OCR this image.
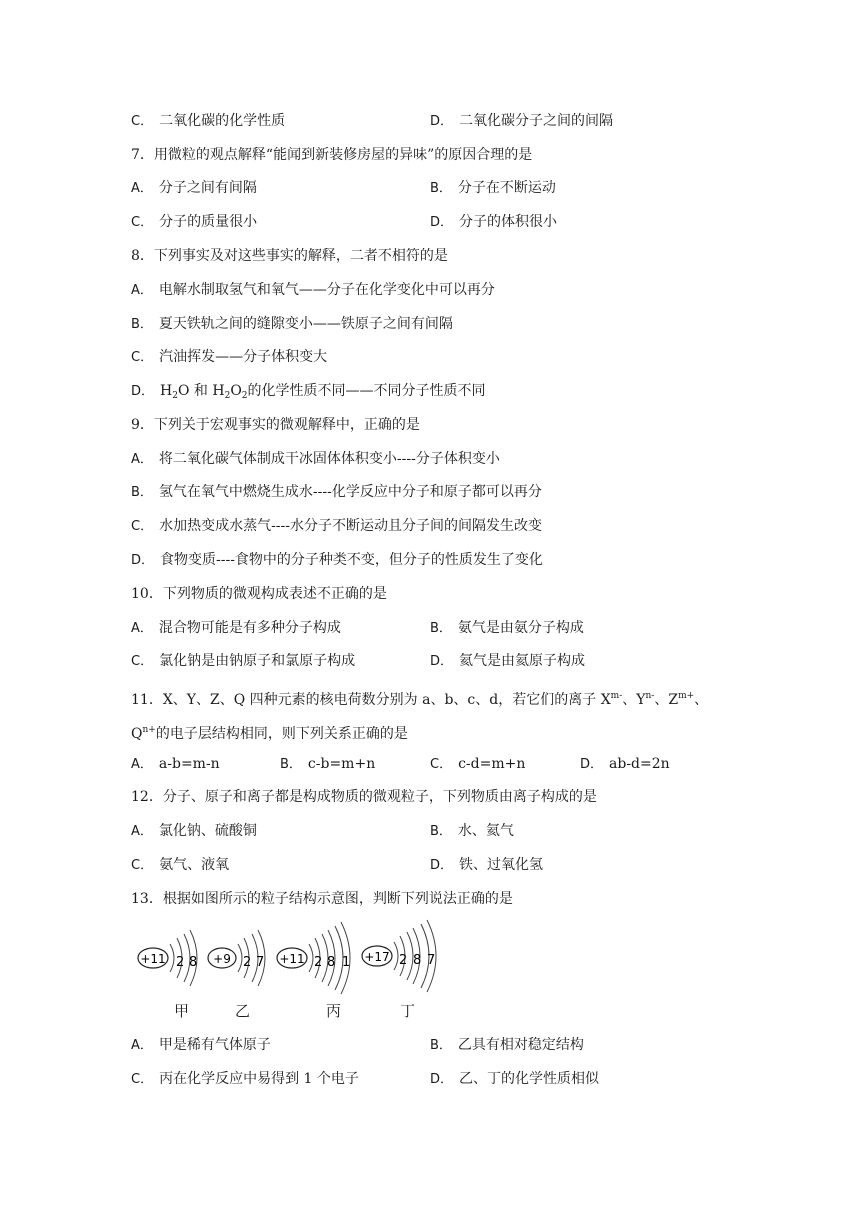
C． 二氧化碳的化学性质	D． 二氧化碳分子之间的间隔
7．用微粒的观点解释“能闻到新装修房屋的异味”的原因合理的是
A． 分子之间有间隔	B． 分子在不断运动
C． 分子的质量很小	D． 分子的体积很小
8．下列事实及对这些事实的解释，二者不相符的是
A． 电解水制取氢气和氧气——分子在化学变化中可以再分
B． 夏天铁轨之间的缝隙变小——铁原子之间有间隔
C． 汽油挥发——分子体积变大
D． $H_2O$ 和 $H_2O_2$的化学性质不同——不同分子性质不同
9．下列关于宏观事实的微观解释中，正确的是
A． 将二氧化碳气体制成干冰固体体积变小----分子体积变小
B． 氢气在氧气中燃烧生成水----化学反应中分子和原子都可以再分
C． 水加热变成水蒸气----水分子不断运动且分子间的间隔发生改变
D． 食物变质----食物中的分子种类不变，但分子的性质发生了变化
10．下列物质的微观构成表述不正确的是
A． 混合物可能是有多种分子构成	B． 氨气是由氨分子构成
C． 氯化钠是由钠原子和氯原子构成	D． 氦气是由氦原子构成
11．X、Y、Z、Q 四种元素的核电荷数分别为 a、b、c、d，若它们的离子 $X^{m-}$、$Y^{n-}$、$Z^{m+}$、
$Q^{n+}$的电子层结构相同，则下列关系正确的是
A． a-b=m-n	B． c-b=m+n	C． c-d=m+n	D． ab-d=2n
12．分子、原子和离子都是构成物质的微观粒子，下列物质由离子构成的是
A． 氯化钠、硫酸铜	B． 水、氦气
C． 氨气、液氧	D． 铁、过氧化氢
13．根据如图所示的粒子结构示意图，判断下列说法正确的是
+11 2 8 +9 2 7 +11 2 8 1 +17 2 8 7
甲	乙	丙	丁
A． 甲是稀有气体原子	B． 乙具有相对稳定结构
C． 丙在化学反应中易得到 1 个电子	D． 乙、丁的化学性质相似
